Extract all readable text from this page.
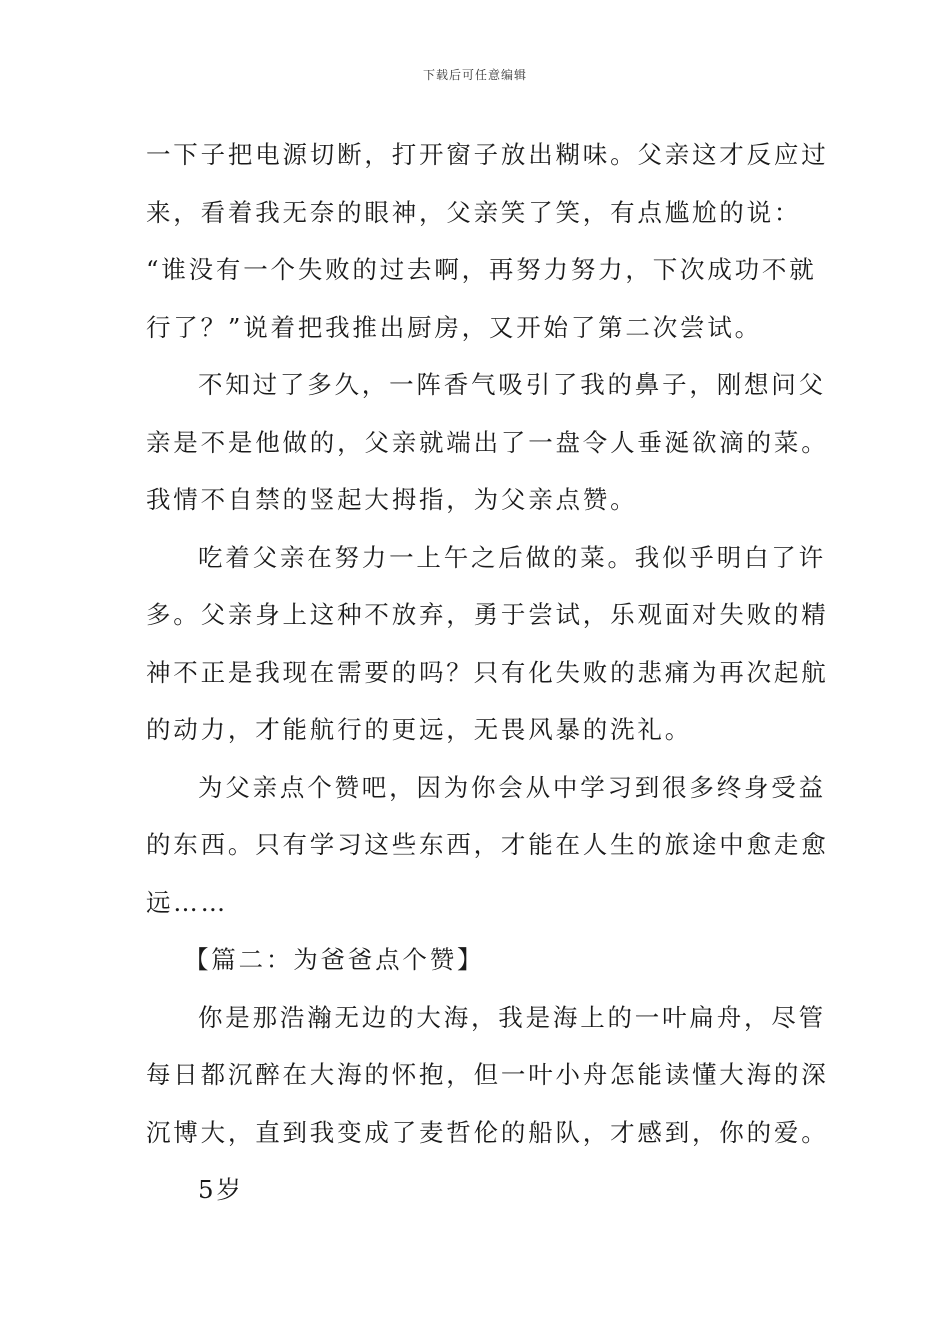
下载后可任意编辑

一下子把电源切断，打开窗子放出糊味。父亲这才反应过
来，看着我无奈的眼神，父亲笑了笑，有点尴尬的说：
“谁没有一个失败的过去啊，再努力努力，下次成功不就
行了？”说着把我推出厨房，又开始了第二次尝试。

不知过了多久，一阵香气吸引了我的鼻子，刚想问父
亲是不是他做的，父亲就端出了一盘令人垂涎欲滴的菜。
我情不自禁的竖起大拇指，为父亲点赞。

吃着父亲在努力一上午之后做的菜。我似乎明白了许
多。父亲身上这种不放弃，勇于尝试，乐观面对失败的精
神不正是我现在需要的吗？只有化失败的悲痛为再次起航
的动力，才能航行的更远，无畏风暴的洗礼。

为父亲点个赞吧，因为你会从中学习到很多终身受益
的东西。只有学习这些东西，才能在人生的旅途中愈走愈
远……

【篇二：为爸爸点个赞】

你是那浩瀚无边的大海，我是海上的一叶扁舟，尽管
每日都沉醉在大海的怀抱，但一叶小舟怎能读懂大海的深
沉博大，直到我变成了麦哲伦的船队，才感到，你的爱。

5岁
